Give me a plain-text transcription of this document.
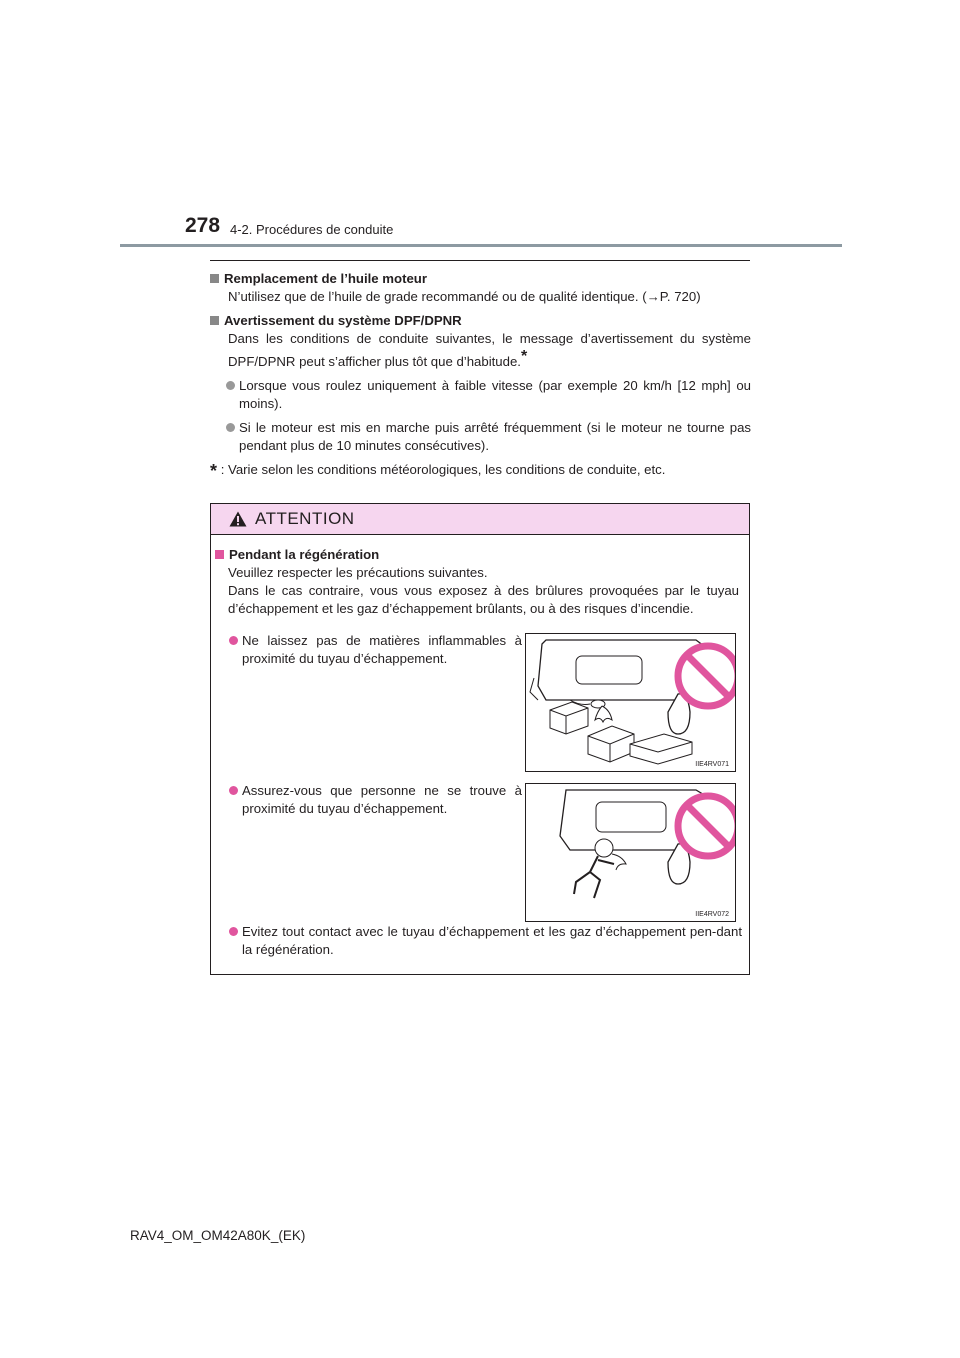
278 4-2. Procédures de conduite
Remplacement de l’huile moteur
N’utilisez que de l’huile de grade recommandé ou de qualité identique. (→P. 720)
Avertissement du système DPF/DPNR
Dans les conditions de conduite suivantes, le message d’avertissement du système DPF/DPNR peut s’afficher plus tôt que d’habitude.*
Lorsque vous roulez uniquement à faible vitesse (par exemple 20 km/h [12 mph] ou moins).
Si le moteur est mis en marche puis arrêté fréquemment (si le moteur ne tourne pas pendant plus de 10 minutes consécutives).
* : Varie selon les conditions météorologiques, les conditions de conduite, etc.
ATTENTION
Pendant la régénération
Veuillez respecter les précautions suivantes.
Dans le cas contraire, vous vous exposez à des brûlures provoquées par le tuyau d’échappement et les gaz d’échappement brûlants, ou à des risques d’incendie.
Ne laissez pas de matières inflammables à proximité du tuyau d’échappement.
Assurez-vous que personne ne se trouve à proximité du tuyau d’échappement.
IIE4RV071
IIE4RV072
Evitez tout contact avec le tuyau d’échappement et les gaz d’échappement pen-dant la régénération.
RAV4_OM_OM42A80K_(EK)
